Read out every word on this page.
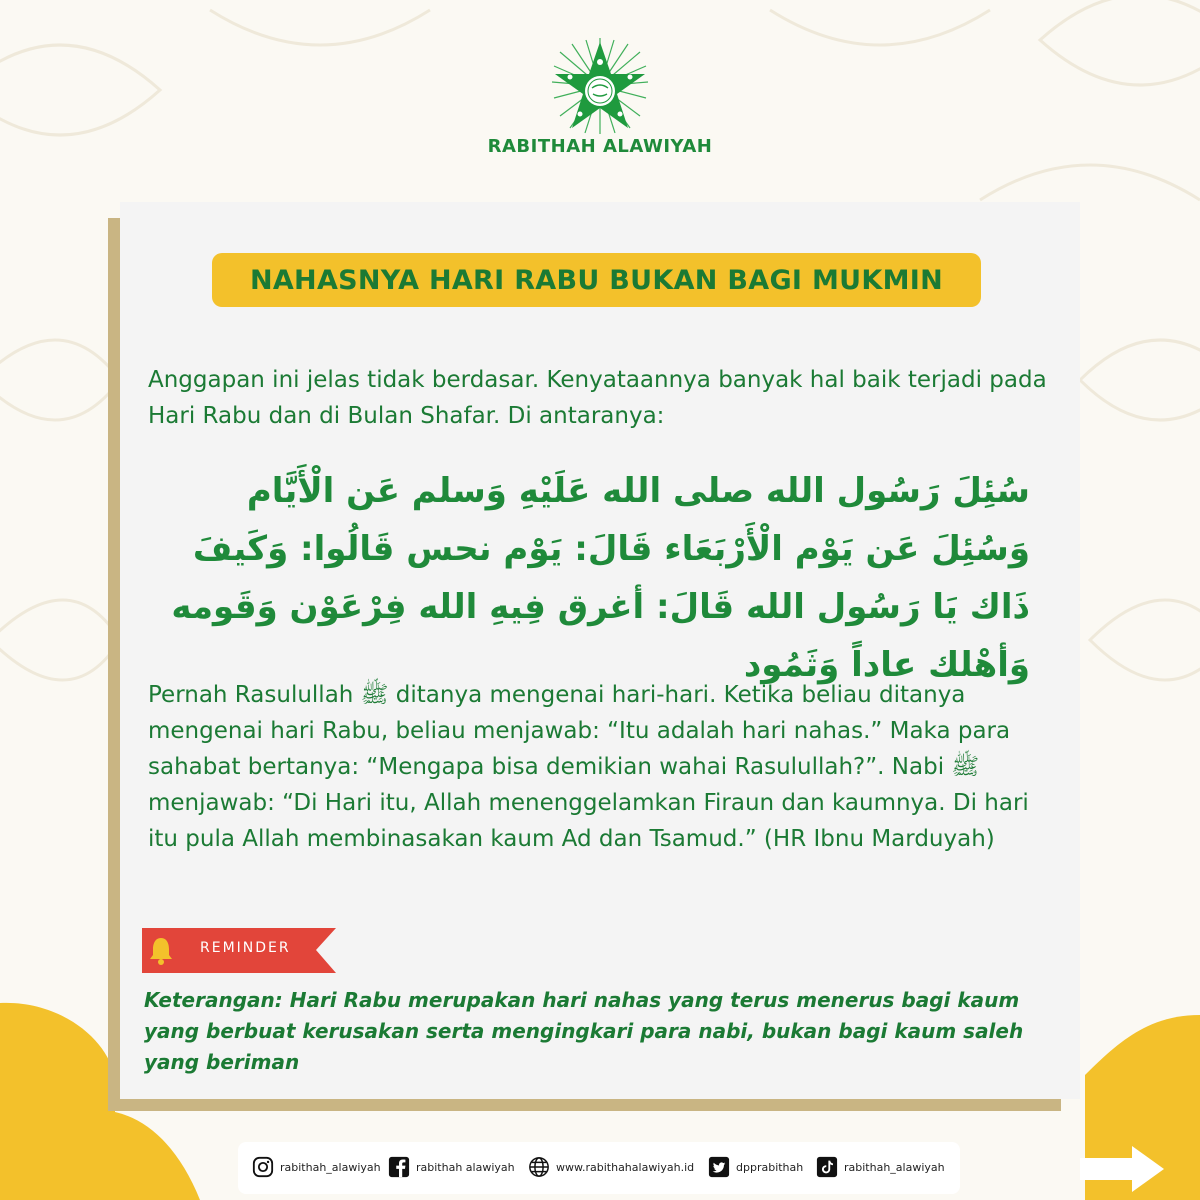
RABITHAH ALAWIYAH
NAHASNYA HARI RABU BUKAN BAGI MUKMIN
Anggapan ini jelas tidak berdasar. Kenyataannya banyak hal baik terjadi pada Hari Rabu dan di Bulan Shafar. Di antaranya:
سُئِلَ رَسُول الله صلى الله عَلَيْهِ وَسلم عَن الْأَيَّام وَسُئِلَ عَن يَوْم الْأَرْبَعَاء قَالَ: يَوْم نحس قَالُوا: وَكَيفَ ذَاك يَا رَسُول الله قَالَ: أغرق فِيهِ الله فِرْعَوْن وَقَومه وَأهْلك عاداً وَثَمُود
Pernah Rasulullah ﷺ ditanya mengenai hari-hari. Ketika beliau ditanya mengenai hari Rabu, beliau menjawab: “Itu adalah hari nahas.” Maka para sahabat bertanya: “Mengapa bisa demikian wahai Rasulullah?”. Nabi ﷺ menjawab: “Di Hari itu, Allah menenggelamkan Firaun dan kaumnya. Di hari itu pula Allah membinasakan kaum Ad dan Tsamud.” (HR Ibnu Marduyah)
REMINDER
Keterangan: Hari Rabu merupakan hari nahas yang terus menerus bagi kaum yang berbuat kerusakan serta mengingkari para nabi, bukan bagi kaum saleh yang beriman
rabithah_alawiyah	rabithah alawiyah	www.rabithahalawiyah.id	dpprabithah	rabithah_alawiyah
